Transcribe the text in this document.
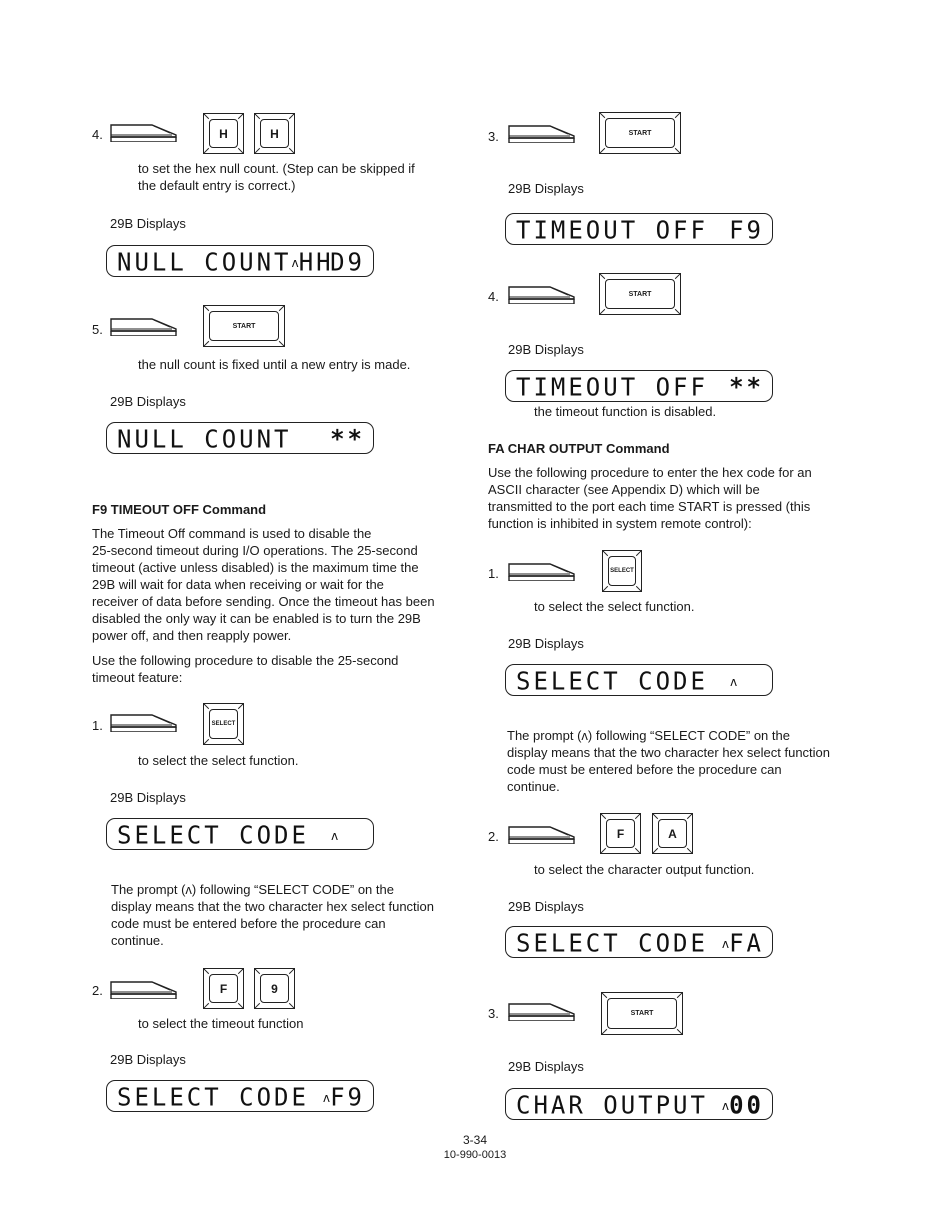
4.	H	H
to set the hex null count. (Step can be skipped if
the default entry is correct.)
29B Displays
NULL COUNTʌHH
D9
5.	START
the null count is fixed until a new entry is made.
29B Displays
NULL COUNT **
F9 TIMEOUT OFF Command
The Timeout Off command is used to disable the
25-second timeout during I/O operations. The 25-second
timeout (active unless disabled) is the maximum time the
29B will wait for data when receiving or wait for the
receiver of data before sending. Once the timeout has been
disabled the only way it can be enabled is to turn the 29B
power off, and then reapply power.
Use the following procedure to disable the 25-second
timeout feature:
1.	SELECT
to select the select function.
29B Displays
SELECT CODE ʌ
The prompt (ʌ) following “SELECT CODE” on the
display means that the two character hex select function
code must be entered before the procedure can
continue.
2.	F	9
to select the timeout function
29B Displays
SELECT CODE ʌF9
3.	START
29B Displays
TIMEOUT OFF F9
4.	START
29B Displays
TIMEOUT OFF **
the timeout function is disabled.
FA CHAR OUTPUT Command
Use the following procedure to enter the hex code for an
ASCII character (see Appendix D) which will be
transmitted to the port each time START is pressed (this
function is inhibited in system remote control):
1.	SELECT
to select the select function.
29B Displays
SELECT CODE ʌ
The prompt (ʌ) following “SELECT CODE” on the
display means that the two character hex select function
code must be entered before the procedure can
continue.
2.	F	A
to select the character output function.
29B Displays
SELECT CODE ʌFA
3.	START
29B Displays
CHAR OUTPUT ʌ00
3-34
10-990-0013
